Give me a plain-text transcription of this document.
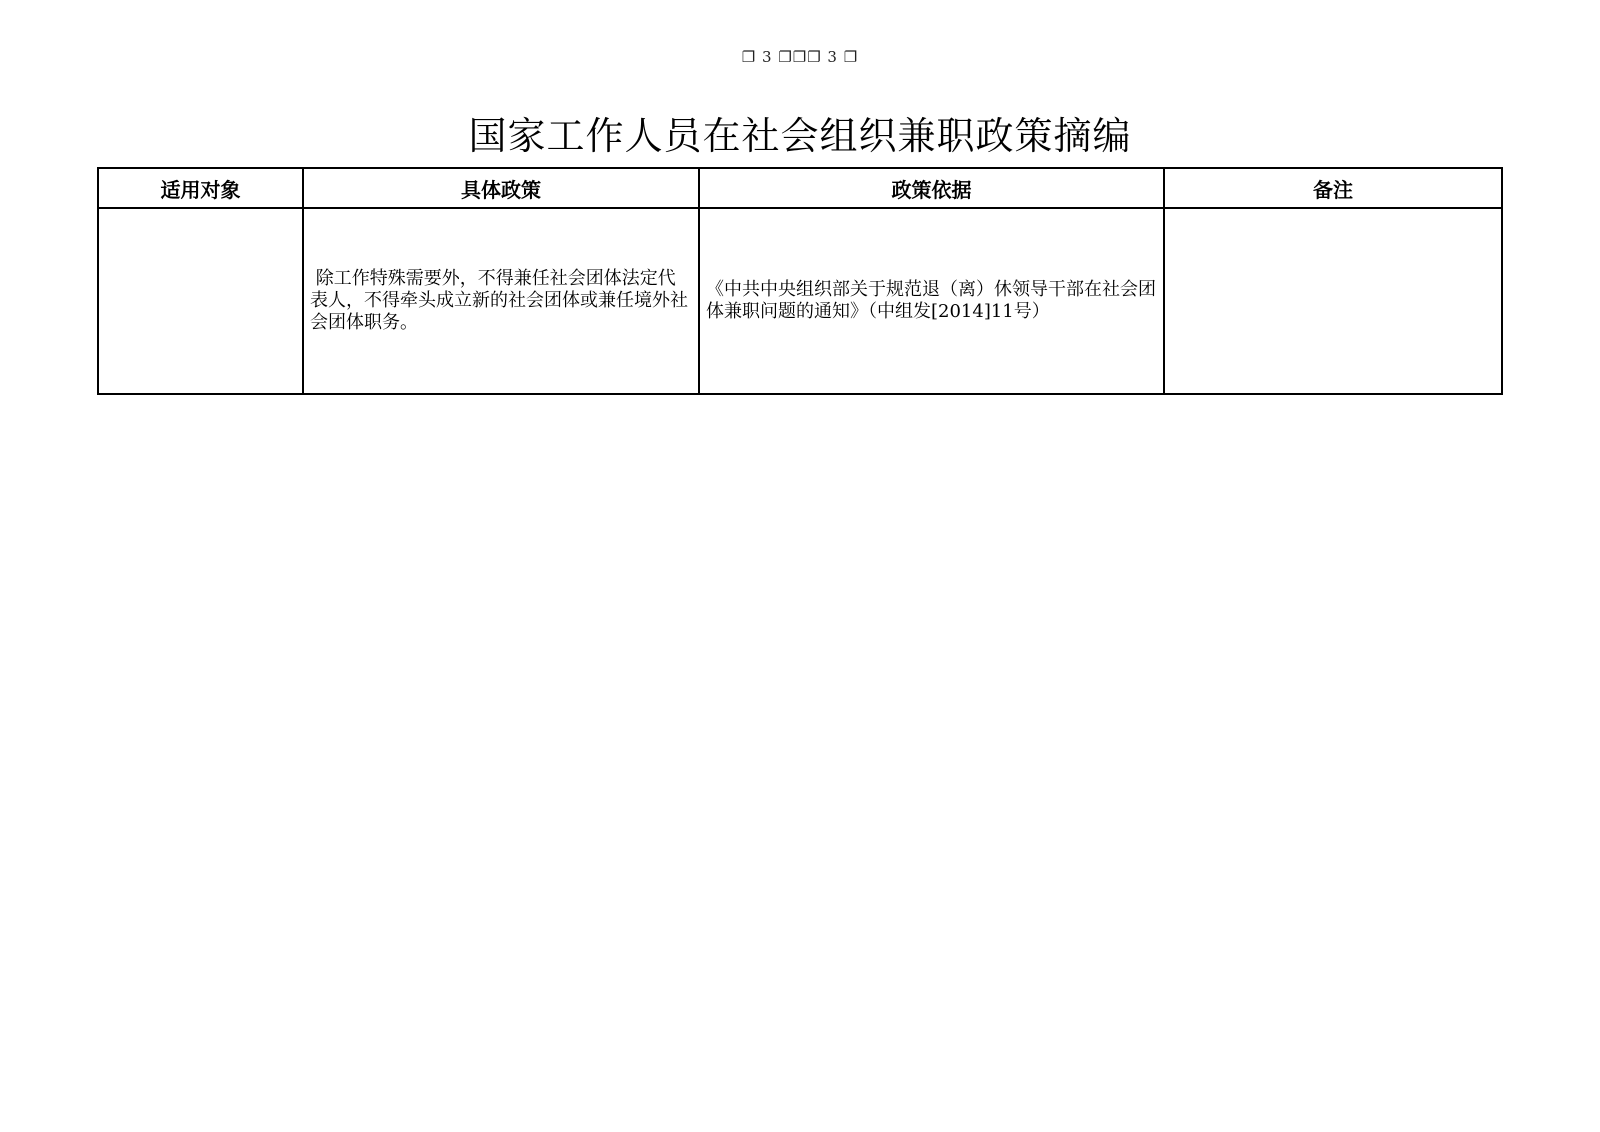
❐ 3 ❐❐❐ 3 ❐
国家工作人员在社会组织兼职政策摘编
适用对象	具体政策	政策依据	备注

	除工作特殊需要外，不得兼任社会团体法定代表人，不得牵头成立新的社会团体或兼任境外社会团体职务。	《中共中央组织部关于规范退（离）休领导干部在社会团体兼职问题的通知》（中组发[2014]11号）	
